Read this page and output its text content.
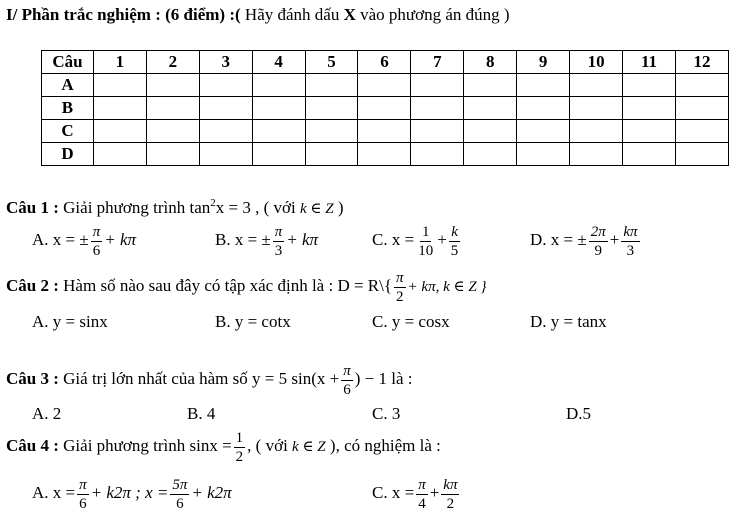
I/ Phần trắc nghiệm : (6 điểm) :( Hãy đánh dấu X vào phương án đúng )
Câu	1	2	3	4	5	6	7	8	9	10	11	12
A												
B												
C												
D												
Câu 1 : Giải phương trình $\tan^2x = 3$ , ( với k ∈ Z )
A. x = ± $\frac{\pi}{6} + k\pi$	B. x = ± $\frac{\pi}{3} + k\pi$	C. $x = \frac{1}{10} + \frac{k}{5}$	D. x = ± $\frac{2\pi}{9} + \frac{k\pi}{3}$
Câu 2 : Hàm số nào sau đây có tập xác định là : D = R\{ $\frac{\pi}{2} + k\pi$, k ∈ Z }
A. y = sinx	B. y = cotx	C. y = cosx	D. y = tanx
Câu 3 : Giá trị lớn nhất của hàm số y = 5 $\sin(x + \frac{\pi}{6}$ ) − 1 là :
A. 2	B. 4	C. 3	D.5
Câu 4 : Giải phương trình $\sin x = \frac{1}{2}$ , ( với k ∈ Z ), có nghiệm là :
A. $x = \frac{\pi}{6} + k2\pi$ ; $x = \frac{5\pi}{6} + k2\pi$	C. $x = \frac{\pi}{4} + \frac{k\pi}{2}$
